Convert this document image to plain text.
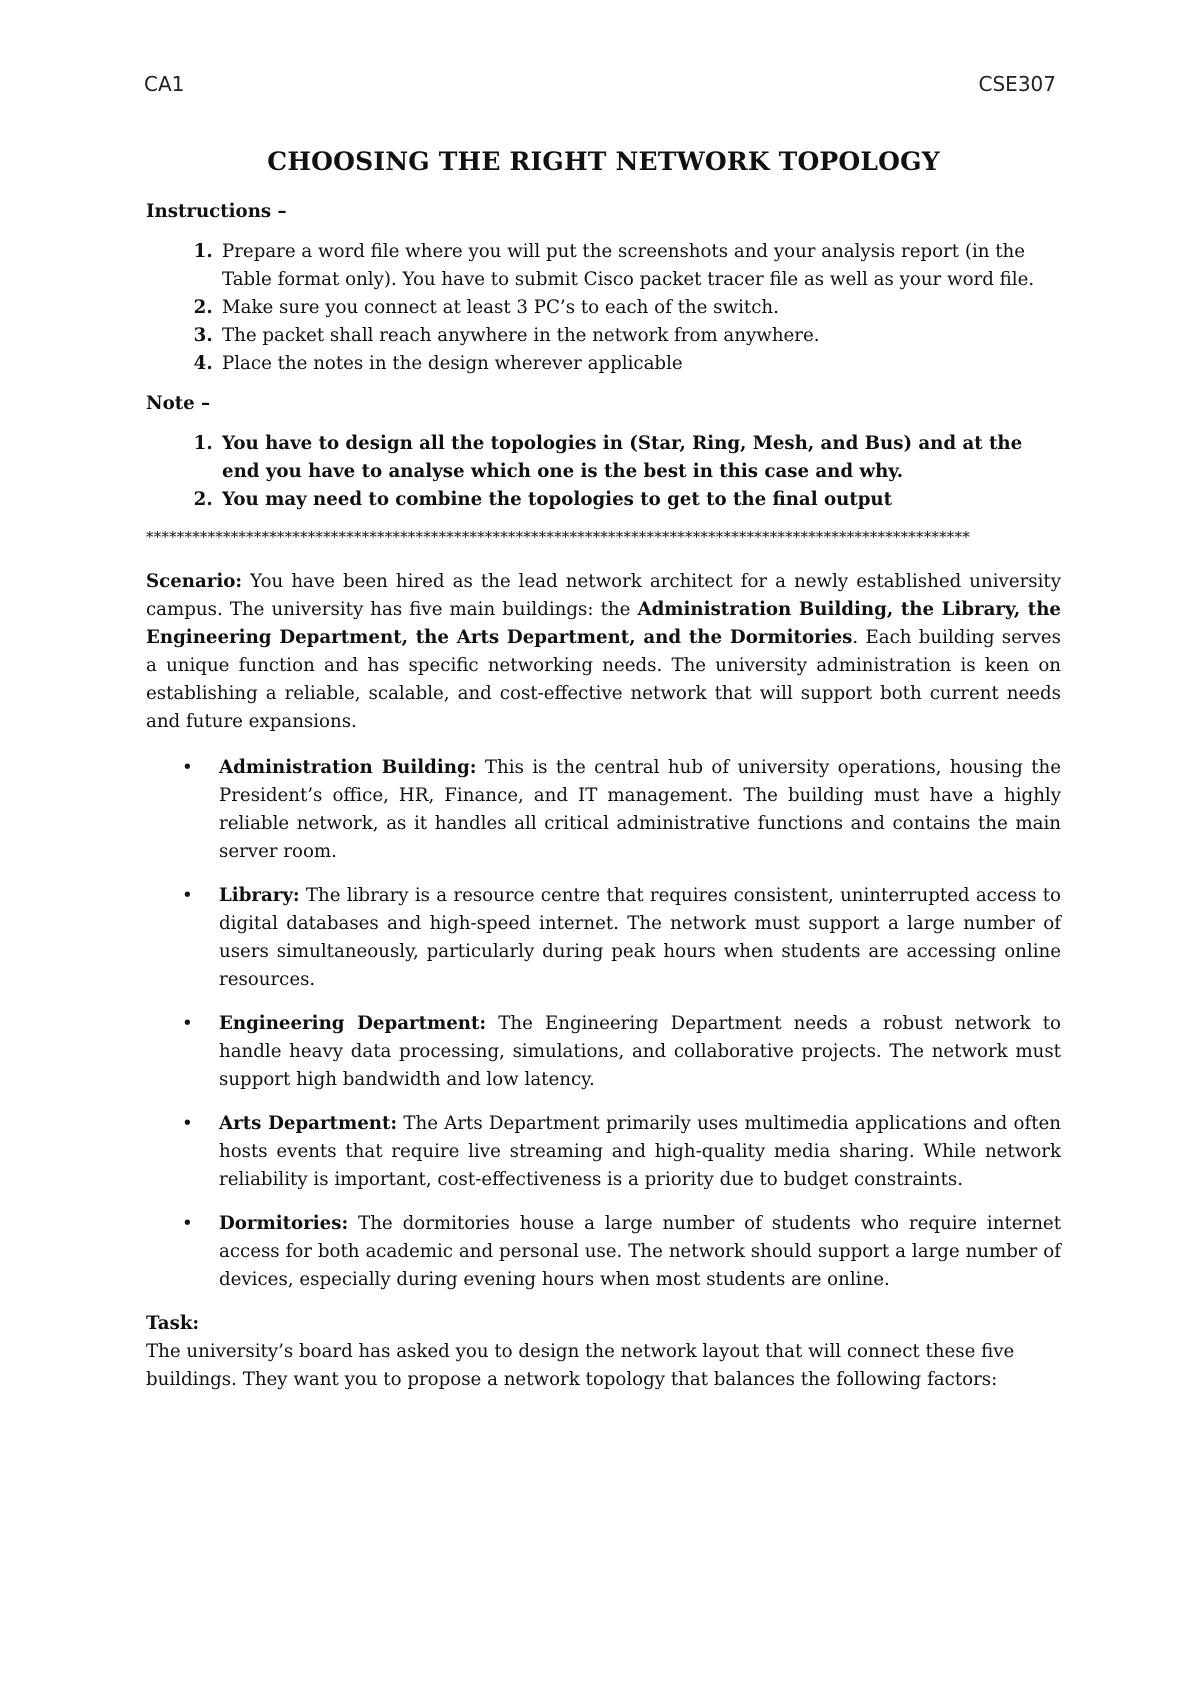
CA1	CSE307
CHOOSING THE RIGHT NETWORK TOPOLOGY
Instructions –
1. Prepare a word file where you will put the screenshots and your analysis report (in the Table format only). You have to submit Cisco packet tracer file as well as your word file.
2. Make sure you connect at least 3 PC’s to each of the switch.
3. The packet shall reach anywhere in the network from anywhere.
4. Place the notes in the design wherever applicable
Note –
1. You have to design all the topologies in (Star, Ring, Mesh, and Bus) and at the end you have to analyse which one is the best in this case and why.
2. You may need to combine the topologies to get to the final output
***********************************************************************************************************

Scenario: You have been hired as the lead network architect for a newly established university campus. The university has five main buildings: the Administration Building, the Library, the Engineering Department, the Arts Department, and the Dormitories. Each building serves a unique function and has specific networking needs. The university administration is keen on establishing a reliable, scalable, and cost-effective network that will support both current needs and future expansions.

• Administration Building: This is the central hub of university operations, housing the President’s office, HR, Finance, and IT management. The building must have a highly reliable network, as it handles all critical administrative functions and contains the main server room.
• Library: The library is a resource centre that requires consistent, uninterrupted access to digital databases and high-speed internet. The network must support a large number of users simultaneously, particularly during peak hours when students are accessing online resources.
• Engineering Department: The Engineering Department needs a robust network to handle heavy data processing, simulations, and collaborative projects. The network must support high bandwidth and low latency.
• Arts Department: The Arts Department primarily uses multimedia applications and often hosts events that require live streaming and high-quality media sharing. While network reliability is important, cost-effectiveness is a priority due to budget constraints.
• Dormitories: The dormitories house a large number of students who require internet access for both academic and personal use. The network should support a large number of devices, especially during evening hours when most students are online.
Task:

The university’s board has asked you to design the network layout that will connect these five buildings. They want you to propose a network topology that balances the following factors:
